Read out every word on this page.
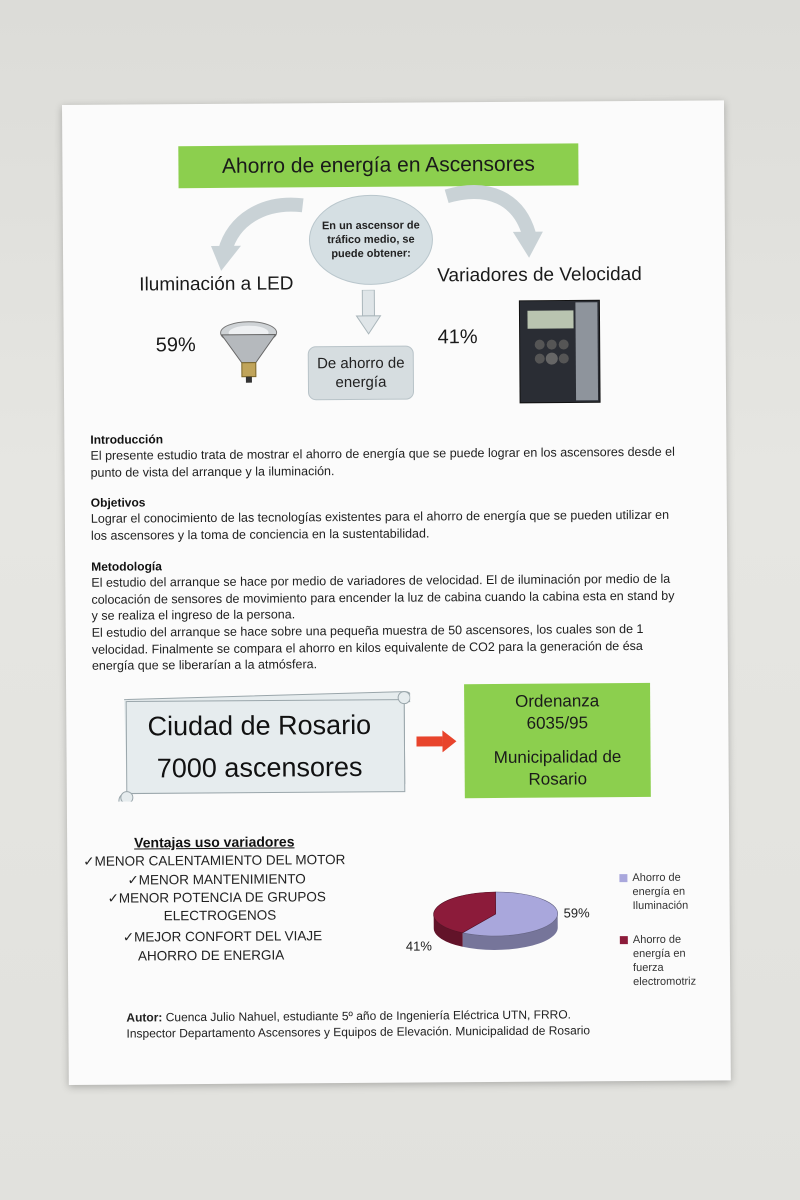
Ahorro de energía en Ascensores
En un ascensor de tráfico medio, se puede obtener:
Iluminación a LED	Variadores de Velocidad
59%	41%
De ahorro de energía
Introducción
El presente estudio trata de mostrar el ahorro de energía que se puede lograr en los ascensores desde el punto de vista del arranque y la iluminación.
Objetivos
Lograr el conocimiento de las tecnologías existentes para el ahorro de energía que se pueden utilizar en los ascensores y la toma de conciencia en la sustentabilidad.
Metodología
El estudio del arranque se hace por medio de variadores de velocidad. El de iluminación por medio de la colocación de sensores de movimiento para encender la luz de cabina cuando la cabina esta en stand by y se realiza el ingreso de la persona.
El estudio del arranque se hace sobre una pequeña muestra de 50 ascensores, los cuales son de 1 velocidad. Finalmente se compara el ahorro en kilos equivalente de CO2 para la generación de ésa energía que se liberarían a la atmósfera.
Ciudad de Rosario
7000 ascensores
Ordenanza
6035/95
Municipalidad de
Rosario
Ventajas uso variadores
✓MENOR CALENTAMIENTO DEL MOTOR
✓MENOR MANTENIMIENTO
✓MENOR POTENCIA DE GRUPOS
ELECTROGENOS
✓MEJOR CONFORT DEL VIAJE
AHORRO DE ENERGIA
59%
41%
Ahorro de
energía en
Iluminación
Ahorro de
energía en
fuerza
electromotriz
Autor: Cuenca Julio Nahuel, estudiante 5º año de Ingeniería Eléctrica UTN, FRRO.
Inspector Departamento Ascensores y Equipos de Elevación. Municipalidad de Rosario
